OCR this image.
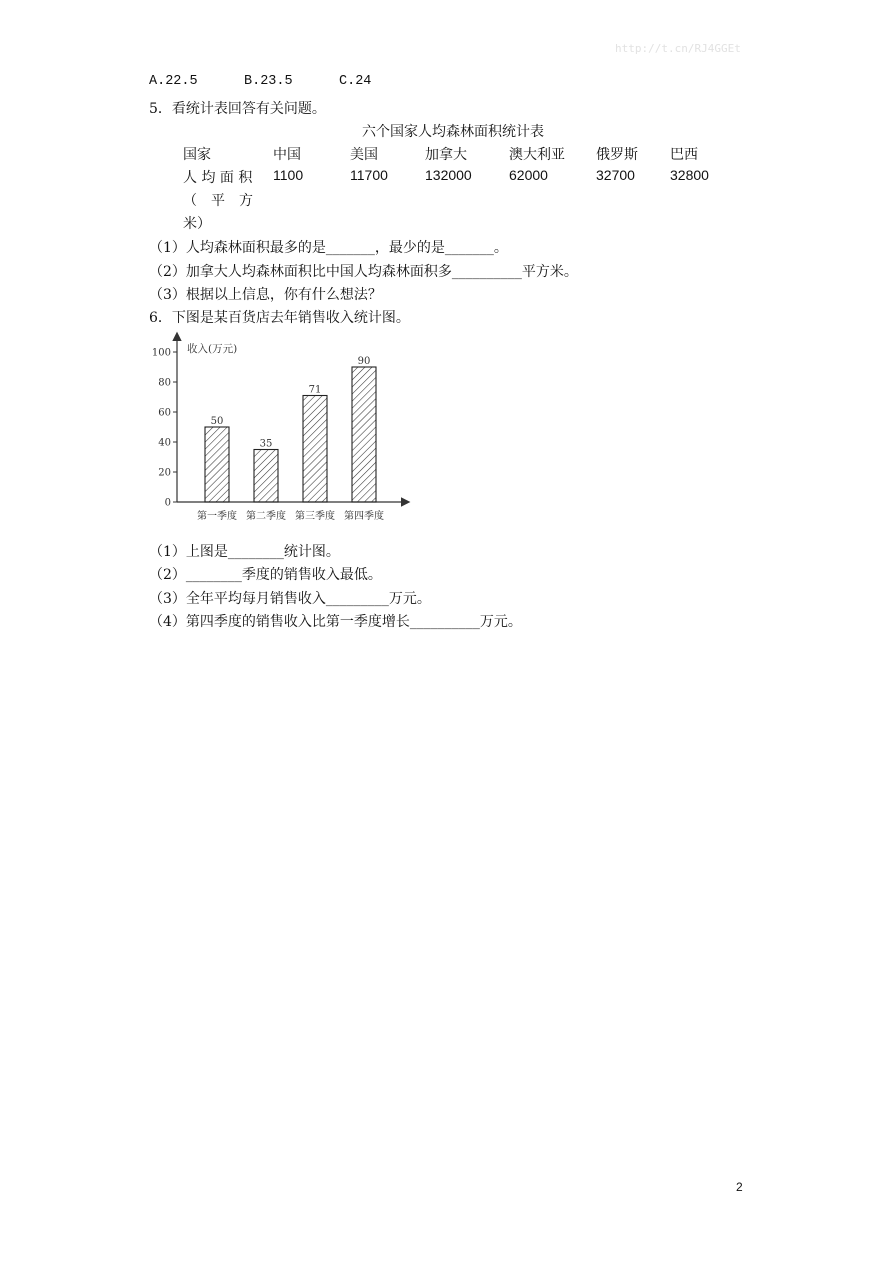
http://t.cn/RJ4GGEt
A.22.5	B.23.5	C.24
5．看统计表回答有关问题。
六个国家人均森林面积统计表
国家	中国	美国	加拿大	澳大利亚 俄罗斯 巴西
人 均 面 积
（　平　方
米）
1100	11700	132000	62000	32700	32800
（1）人均森林面积最多的是_______，最少的是_______。
（2）加拿大人均森林面积比中国人均森林面积多__________平方米。
（3）根据以上信息，你有什么想法？
6．下图是某百货店去年销售收入统计图。
收入(万元)
0
20
40
60
80
100
50
35
71
90
第一季度 第二季度 第三季度 第四季度
（1）上图是________统计图。
（2）________季度的销售收入最低。
（3）全年平均每月销售收入_________万元。
（4）第四季度的销售收入比第一季度增长__________万元。
2
